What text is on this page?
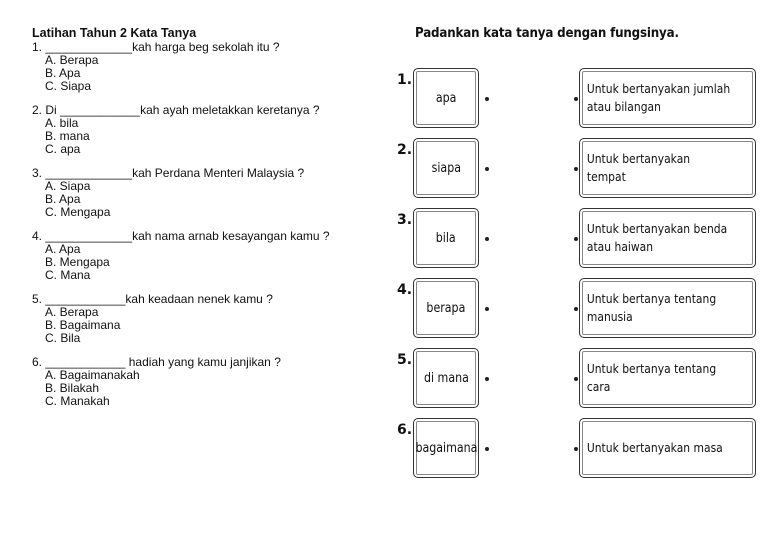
Latihan Tahun 2 Kata Tanya
1. _____________kah harga beg sekolah itu ?
A. Berapa
B. Apa
C. Siapa
2. Di ____________kah ayah meletakkan keretanya ?
A. bila
B. mana
C. apa
3. _____________kah Perdana Menteri Malaysia ?
A. Siapa
B. Apa
C. Mengapa
4. _____________kah nama arnab kesayangan kamu ?
A. Apa
B. Mengapa
C. Mana
5. ____________kah keadaan nenek kamu ?
A. Berapa
B. Bagaimana
C. Bila
6. ____________ hadiah yang kamu janjikan ?
A. Bagaimanakah
B. Bilakah
C. Manakah
Padankan kata tanya dengan fungsinya.
1.
apa
Untuk bertanyakan jumlah atau bilangan
2.
siapa
Untuk bertanyakan tempat
3.
bila
Untuk bertanyakan benda atau haiwan
4.
berapa
Untuk bertanya tentang manusia
5.
di mana
Untuk bertanya tentang cara
6.
bagaimana	Untuk bertanyakan masa
